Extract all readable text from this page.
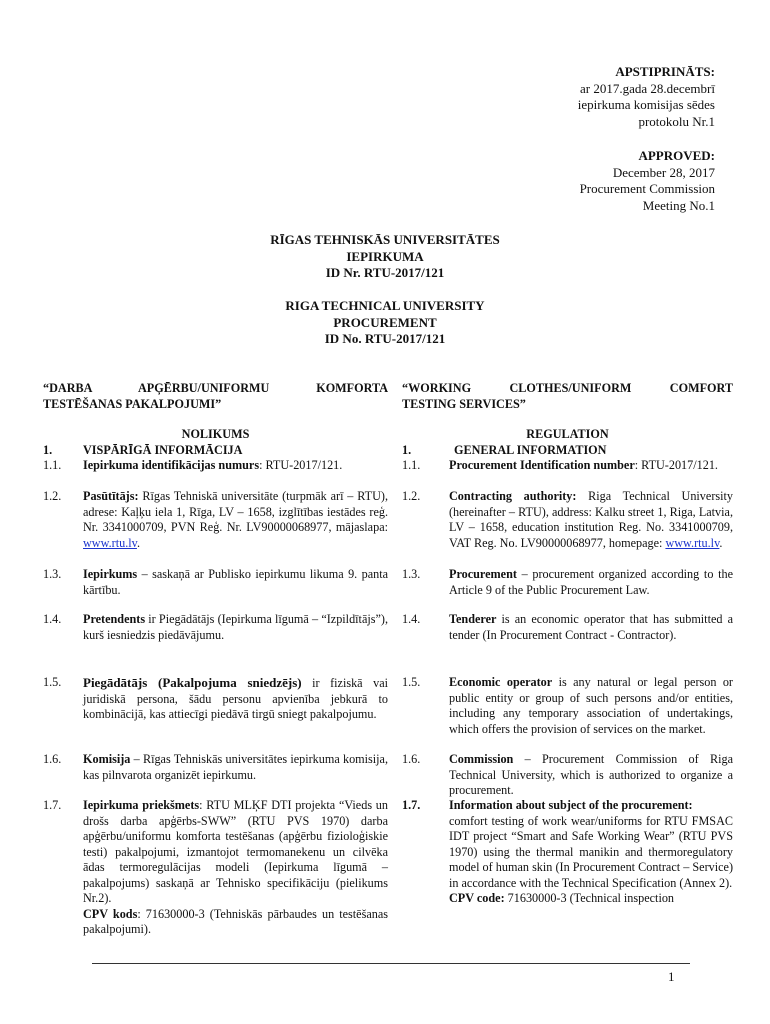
APSTIPRINĀTS:
ar 2017.gada 28.decembrī
iepirkuma komisijas sēdes
protokolu Nr.1
APPROVED:
December 28, 2017
Procurement Commission
Meeting No.1
RĪGAS TEHNISKĀS UNIVERSITĀTES
IEPIRKUMA
ID Nr. RTU-2017/121
RIGA TECHNICAL UNIVERSITY
PROCUREMENT
ID No. RTU-2017/121
“DARBA APĢĒRBU/UNIFORMU KOMFORTA
TESTĒŠANAS PAKALPOJUMI”
“WORKING CLOTHES/UNIFORM COMFORT
TESTING SERVICES”
NOLIKUMS	REGULATION
1.	VISPĀRĪGĀ INFORMĀCIJA	1.	GENERAL INFORMATION
1.1.	Iepirkuma identifikācijas numurs: RTU-2017/121.
1.2.	Pasūtītājs: Rīgas Tehniskā universitāte (turpmāk arī – RTU), adrese: Kaļķu iela 1, Rīga, LV – 1658, izglītības iestādes reģ. Nr. 3341000709, PVN Reģ. Nr. LV90000068977, mājaslapa: www.rtu.lv.
1.3.	Iepirkums – saskaņā ar Publisko iepirkumu likuma 9. panta kārtību.
1.4.	Pretendents ir Piegādātājs (Iepirkuma līgumā – “Izpildītājs”), kurš iesniedzis piedāvājumu.
1.5.	Piegādātājs (Pakalpojuma sniedzējs) ir fiziskā vai juridiskā persona, šādu personu apvienība jebkurā to kombinācijā, kas attiecīgi piedāvā tirgū sniegt pakalpojumu.
1.6.	Komisija – Rīgas Tehniskās universitātes iepirkuma komisija, kas pilnvarota organizēt iepirkumu.
1.7.	Iepirkuma priekšmets: RTU MLĶF DTI projekta “Vieds un drošs darba apģērbs-SWW” (RTU PVS 1970) darba apģērbu/uniformu komforta testēšanas (apģērbu fizioloģiskie testi) pakalpojumi, izmantojot termomanekenu un cilvēka ādas termoregulācijas modeli (Iepirkuma līgumā – pakalpojums) saskaņā ar Tehnisko specifikāciju (pielikums Nr.2).
CPV kods: 71630000-3 (Tehniskās pārbaudes un testēšanas pakalpojumi).
1.1.	Procurement Identification number: RTU-2017/121.
1.2.	Contracting authority: Riga Technical University (hereinafter – RTU), address: Kalku street 1, Riga, Latvia, LV – 1658, education institution Reg. No. 3341000709, VAT Reg. No. LV90000068977, homepage: www.rtu.lv.
1.3.	Procurement – procurement organized according to the Article 9 of the Public Procurement Law.
1.4.	Tenderer is an economic operator that has submitted a tender (In Procurement Contract - Contractor).
1.5.	Economic operator is any natural or legal person or public entity or group of such persons and/or entities, including any temporary association of undertakings, which offers the provision of services on the market.
1.6.	Commission – Procurement Commission of Riga Technical University, which is authorized to organize a procurement.
1.7.	Information about subject of the procurement:
comfort testing of work wear/uniforms for RTU FMSAC IDT project “Smart and Safe Working Wear” (RTU PVS 1970) using the thermal manikin and thermoregulatory model of human skin (In Procurement Contract – Service) in accordance with the Technical Specification (Annex 2).
CPV code: 71630000-3 (Technical inspection
1
